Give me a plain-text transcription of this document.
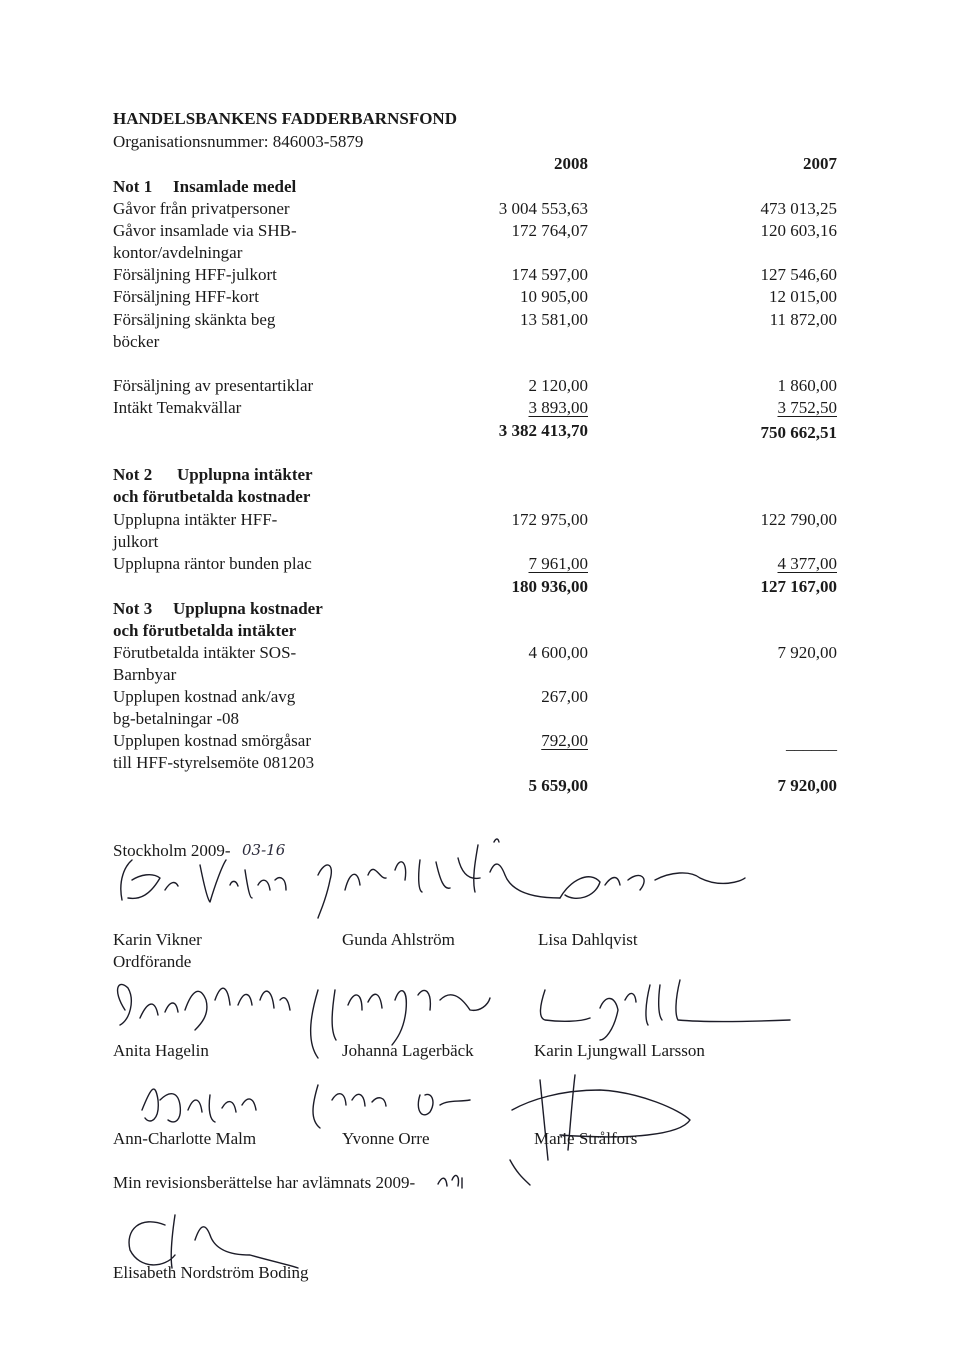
HANDELSBANKENS FADDERBARNSFOND
Organisationsnummer: 846003-5879
2008	2007
Not 1 Insamlade medel
Gåvor från privatpersoner	3 004 553,63	473 013,25
Gåvor insamlade via SHB-
kontor/avdelningar
172 764,07	120 603,16
Försäljning HFF-julkort	174 597,00	127 546,60
Försäljning HFF-kort	10 905,00	12 015,00
Försäljning skänkta beg
böcker
13 581,00	11 872,00
Försäljning av presentartiklar	2 120,00	1 860,00
Intäkt Temakvällar	3 893,00	3 752,50
3 382 413,70	750 662,51
Not 2 Upplupna intäkter
och förutbetalda kostnader
Upplupna intäkter HFF-
julkort
172 975,00	122 790,00
Upplupna räntor bunden plac	7 961,00	4 377,00
180 936,00	127 167,00
Not 3 Upplupna kostnader
och förutbetalda intäkter
Förutbetalda intäkter SOS-
Barnbyar
4 600,00	7 920,00
Upplupen kostnad ank/avg
bg-betalningar -08
267,00
Upplupen kostnad smörgåsar
till HFF-styrelsemöte 081203
792,00	______
5 659,00	7 920,00
Stockholm 2009- 03-16
Karin Vikner
Ordförande
Gunda Ahlström	Lisa Dahlqvist
Anita Hagelin	Johanna Lagerbäck	Karin Ljungwall Larsson
Ann-Charlotte Malm	Yvonne Orre	Marie Strålfors
Min revisionsberättelse har avlämnats 2009-
Elisabeth Nordström Boding
